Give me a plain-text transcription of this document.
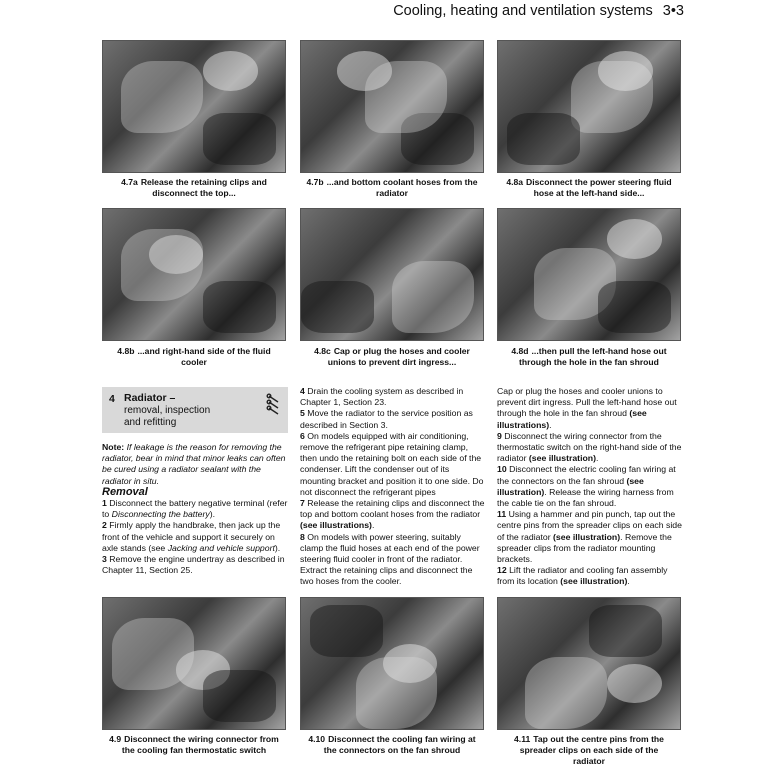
Cooling, heating and ventilation systems 3•3
4.7a Release the retaining clips and
disconnect the top...
4.7b ...and bottom coolant hoses from the
radiator
4.8a Disconnect the power steering fluid
hose at the left-hand side...
4.8b ...and right-hand side of the fluid
cooler
4.8c Cap or plug the hoses and cooler
unions to prevent dirt ingress...
4.8d ...then pull the left-hand hose out
through the hole in the fan shroud
4 Radiator –
removal, inspection
and refitting

Note: If leakage is the reason for removing the radiator, bear in mind that minor leaks can often be cured using a radiator sealant with the radiator in situ.

Removal

1 Disconnect the battery negative terminal (refer to Disconnecting the battery).

2 Firmly apply the handbrake, then jack up the front of the vehicle and support it securely on axle stands (see Jacking and vehicle support).

3 Remove the engine undertray as described in Chapter 11, Section 25.

4 Drain the cooling system as described in Chapter 1, Section 23.

5 Move the radiator to the service position as described in Section 3.

6 On models equipped with air conditioning, remove the refrigerant pipe retaining clamp, then undo the retaining bolt on each side of the condenser. Lift the condenser out of its mounting bracket and position it to one side. Do not disconnect the refrigerant pipes

7 Release the retaining clips and disconnect the top and bottom coolant hoses from the radiator (see illustrations).

8 On models with power steering, suitably clamp the fluid hoses at each end of the power steering fluid cooler in front of the radiator. Extract the retaining clips and disconnect the two hoses from the cooler.

Cap or plug the hoses and cooler unions to prevent dirt ingress. Pull the left-hand hose out through the hole in the fan shroud (see illustrations).

9 Disconnect the wiring connector from the thermostatic switch on the right-hand side of the radiator (see illustration).

10 Disconnect the electric cooling fan wiring at the connectors on the fan shroud (see illustration). Release the wiring harness from the cable tie on the fan shroud.

11 Using a hammer and pin punch, tap out the centre pins from the spreader clips on each side of the radiator (see illustration). Remove the spreader clips from the radiator mounting brackets.

12 Lift the radiator and cooling fan assembly from its location (see illustration).

4.9 Disconnect the wiring connector from
the cooling fan thermostatic switch
4.10 Disconnect the cooling fan wiring at
the connectors on the fan shroud
4.11 Tap out the centre pins from the
spreader clips on each side of the
radiator
